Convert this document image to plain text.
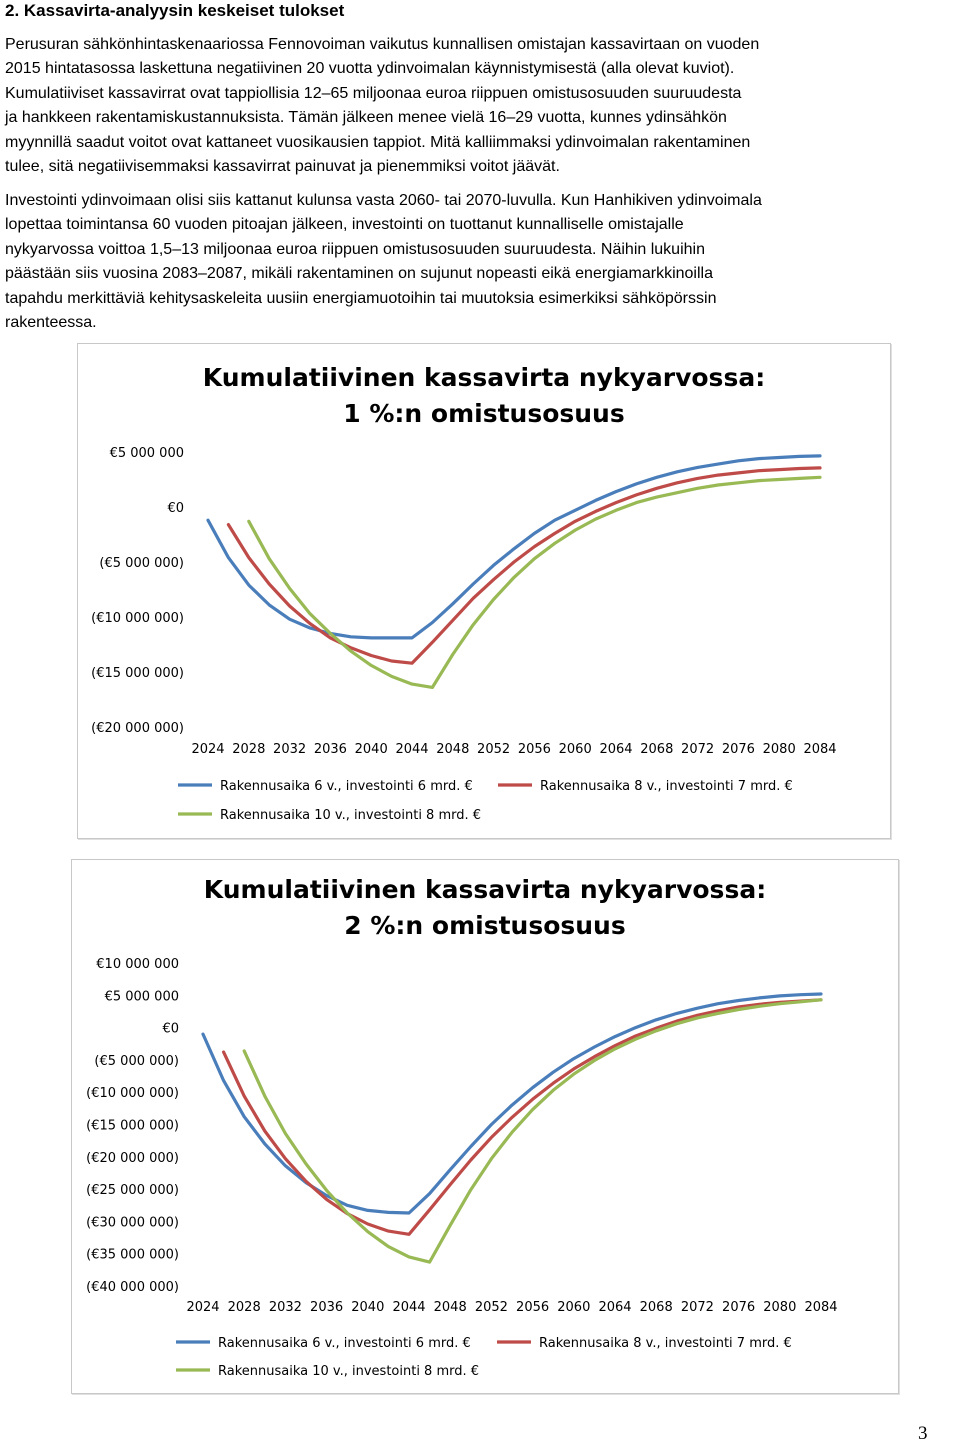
2. Kassavirta-analyysin keskeiset tulokset
Perusuran sähkönhintaskenaariossa Fennovoiman vaikutus kunnallisen omistajan kassavirtaan on vuoden
2015 hintatasossa laskettuna negatiivinen 20 vuotta ydinvoimalan käynnistymisestä (alla olevat kuviot).
Kumulatiiviset kassavirrat ovat tappiollisia 12–65 miljoonaa euroa riippuen omistusosuuden suuruudesta
ja hankkeen rakentamiskustannuksista. Tämän jälkeen menee vielä 16–29 vuotta, kunnes ydinsähkön
myynnillä saadut voitot ovat kattaneet vuosikausien tappiot. Mitä kalliimmaksi ydinvoimalan rakentaminen
tulee, sitä negatiivisemmaksi kassavirrat painuvat ja pienemmiksi voitot jäävät.
Investointi ydinvoimaan olisi siis kattanut kulunsa vasta 2060- tai 2070-luvulla. Kun Hanhikiven ydinvoimala
lopettaa toimintansa 60 vuoden pitoajan jälkeen, investointi on tuottanut kunnalliselle omistajalle
nykyarvossa voittoa 1,5–13 miljoonaa euroa riippuen omistusosuuden suuruudesta. Näihin lukuihin
päästään siis vuosina 2083–2087, mikäli rakentaminen on sujunut nopeasti eikä energiamarkkinoilla
tapahdu merkittäviä kehitysaskeleita uusiin energiamuotoihin tai muutoksia esimerkiksi sähköpörssin
rakenteessa.
Kumulatiivinen kassavirta nykyarvossa:
1 %:n omistusosuus
€5 000 000
€0
(€5 000 000)
(€10 000 000)
(€15 000 000)
(€20 000 000)
2024 2028 2032 2036 2040 2044 2048 2052 2056 2060 2064 2068 2072 2076 2080 2084
Rakennusaika 6 v., investointi 6 mrd. €	Rakennusaika 8 v., investointi 7 mrd. €
Rakennusaika 10 v., investointi 8 mrd. €
Kumulatiivinen kassavirta nykyarvossa:
2 %:n omistusosuus
€10 000 000
€5 000 000
€0
(€5 000 000)
(€10 000 000)
(€15 000 000)
(€20 000 000)
(€25 000 000)
(€30 000 000)
(€35 000 000)
(€40 000 000)
2024 2028 2032 2036 2040 2044 2048 2052 2056 2060 2064 2068 2072 2076 2080 2084
Rakennusaika 6 v., investointi 6 mrd. €	Rakennusaika 8 v., investointi 7 mrd. €
Rakennusaika 10 v., investointi 8 mrd. €
3
